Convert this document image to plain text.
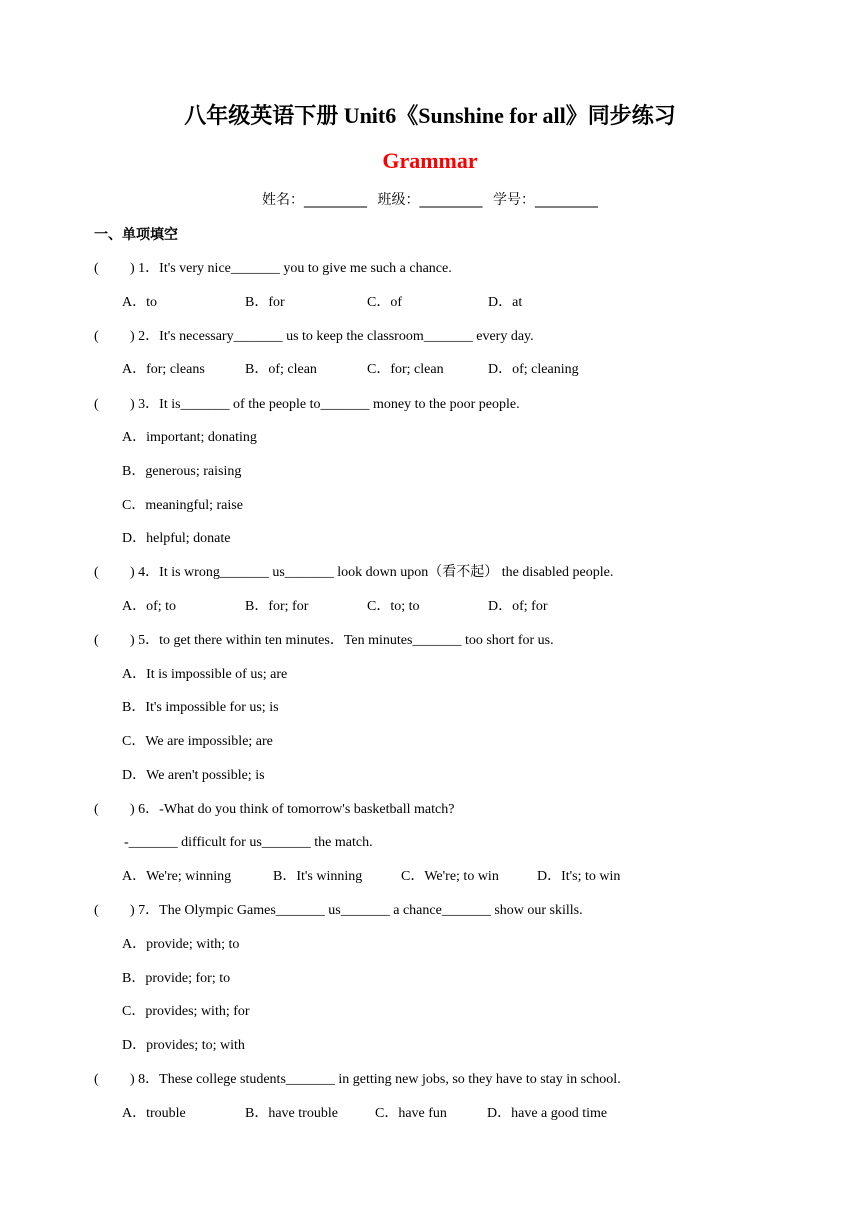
八年级英语下册 Unit6《Sunshine for all》同步练习
Grammar
姓名：_________ 班级：_________ 学号：_________
一、单项填空
( ) 1．It's very nice_______ you to give me such a chance.
A．to	B．for	C．of	D．at
( ) 2．It's necessary_______ us to keep the classroom_______ every day.
A．for; cleans	B．of; clean	C．for; clean	D．of; cleaning
( ) 3．It is_______ of the people to_______ money to the poor people.
A．important; donating
B．generous; raising
C．meaningful; raise
D．helpful; donate
( ) 4．It is wrong_______ us_______ look down upon（看不起） the disabled people.
A．of; to	B．for; for	C．to; to	D．of; for
( ) 5．to get there within ten minutes．Ten minutes_______ too short for us.
A．It is impossible of us; are
B．It's impossible for us; is
C．We are impossible; are
D．We aren't possible; is
( ) 6．-What do you think of tomorrow's basketball match?
-_______ difficult for us_______ the match.
A．We're; winning	B．It's winning	C．We're; to win	D．It's; to win
( ) 7．The Olympic Games_______ us_______ a chance_______ show our skills.
A．provide; with; to
B．provide; for; to
C．provides; with; for
D．provides; to; with
( ) 8．These college students_______ in getting new jobs, so they have to stay in school.
A．trouble	B．have trouble	C．have fun	D．have a good time
